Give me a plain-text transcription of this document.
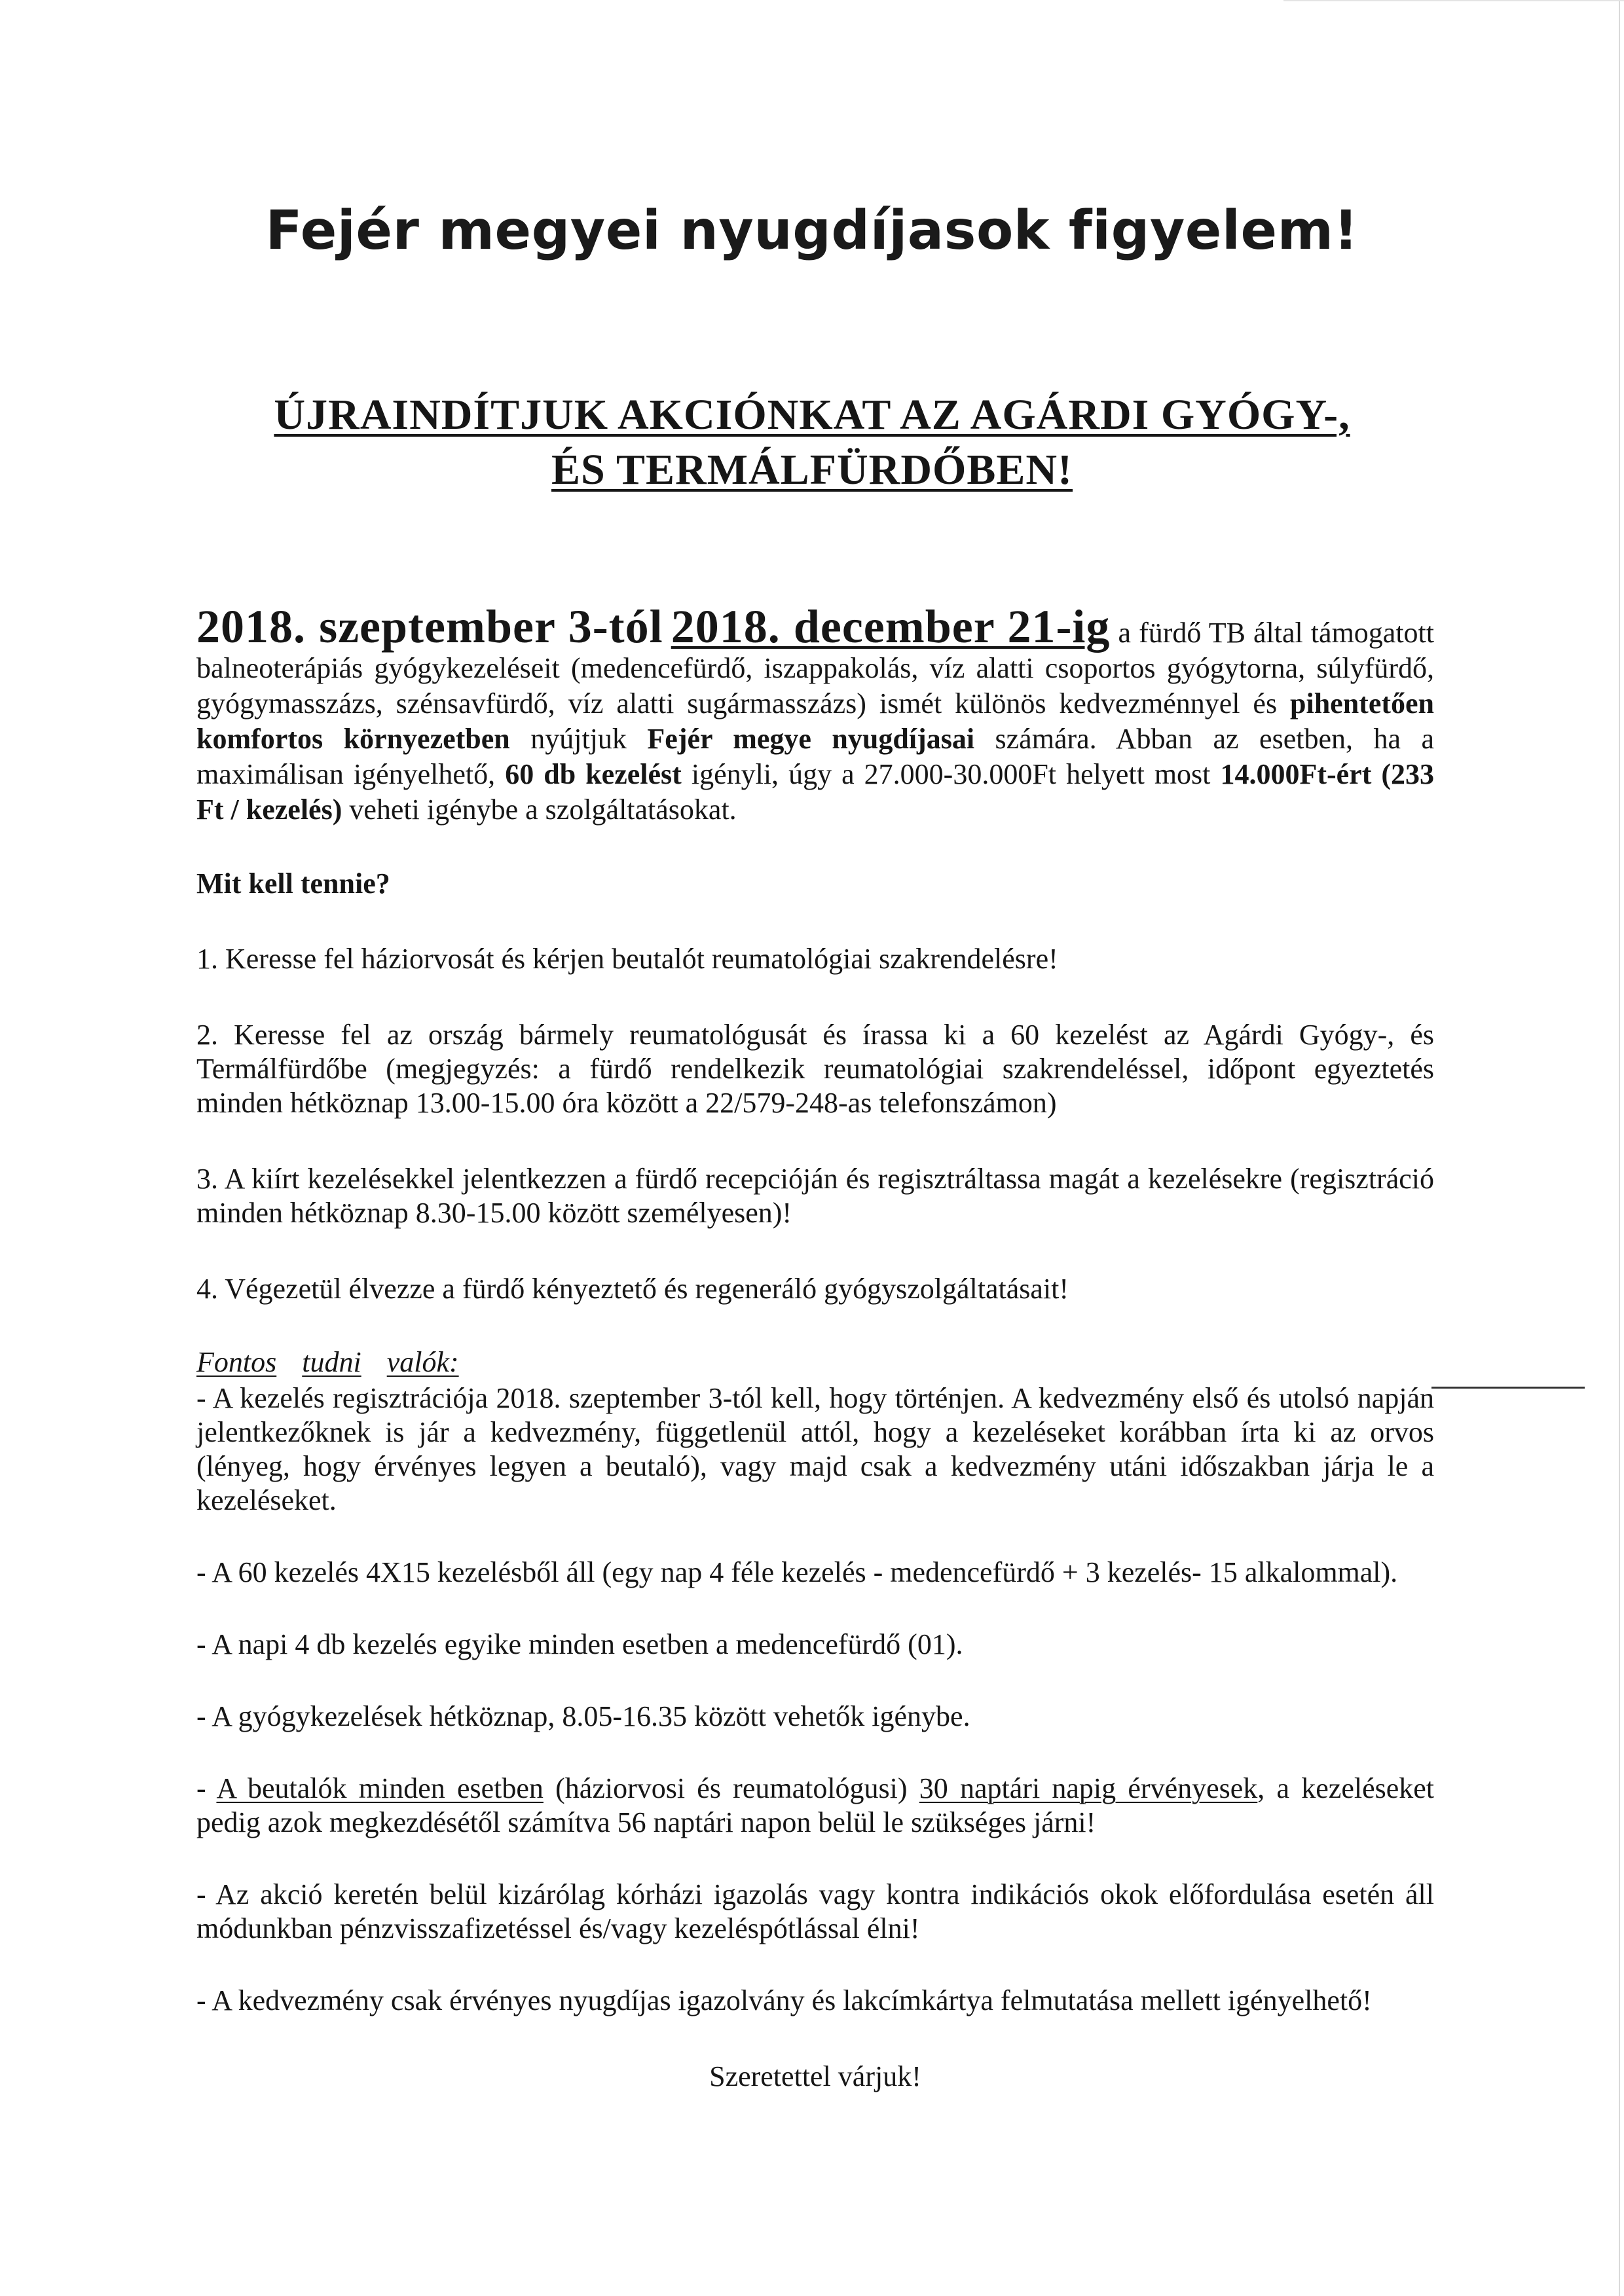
Fejér megyei nyugdíjasok figyelem!
ÚJRAINDÍTJUK AKCIÓNKAT AZ AGÁRDI GYÓGY-,
ÉS TERMÁLFÜRDŐBEN!

2018. szeptember 3-tól 2018. december 21-ig a fürdő TB által támogatott balneoterápiás gyógykezeléseit (medencefürdő, iszappakolás, víz alatti csoportos gyógytorna, súlyfürdő, gyógymasszázs, szénsavfürdő, víz alatti sugármasszázs) ismét különös kedvezménnyel és pihentetően komfortos környezetben nyújtjuk Fejér megye nyugdíjasai számára. Abban az esetben, ha a maximálisan igényelhető, 60 db kezelést igényli, úgy a 27.000-30.000Ft helyett most 14.000Ft-ért (233 Ft / kezelés) veheti igénybe a szolgáltatásokat.

Mit kell tennie?

1. Keresse fel háziorvosát és kérjen beutalót reumatológiai szakrendelésre!

2. Keresse fel az ország bármely reumatológusát és írassa ki a 60 kezelést az Agárdi Gyógy-, és Termálfürdőbe (megjegyzés: a fürdő rendelkezik reumatológiai szakrendeléssel, időpont egyeztetés minden hétköznap 13.00-15.00 óra között a 22/579-248-as telefonszámon)

3. A kiírt kezelésekkel jelentkezzen a fürdő recepcióján és regisztráltassa magát a kezelésekre (regisztráció minden hétköznap 8.30-15.00 között személyesen)!

4. Végezetül élvezze a fürdő kényeztető és regeneráló gyógyszolgáltatásait!

Fontos tudni valók:

- A kezelés regisztrációja 2018. szeptember 3-tól kell, hogy történjen. A kedvezmény első és utolsó napján jelentkezőknek is jár a kedvezmény, függetlenül attól, hogy a kezeléseket korábban írta ki az orvos (lényeg, hogy érvényes legyen a beutaló), vagy majd csak a kedvezmény utáni időszakban járja le a kezeléseket.

- A 60 kezelés 4X15 kezelésből áll (egy nap 4 féle kezelés - medencefürdő + 3 kezelés- 15 alkalommal).

- A napi 4 db kezelés egyike minden esetben a medencefürdő (01).

- A gyógykezelések hétköznap, 8.05-16.35 között vehetők igénybe.

- A beutalók minden esetben (háziorvosi és reumatológusi) 30 naptári napig érvényesek, a kezeléseket pedig azok megkezdésétől számítva 56 naptári napon belül le szükséges járni!

- Az akció keretén belül kizárólag kórházi igazolás vagy kontra indikációs okok előfordulása esetén áll módunkban pénzvisszafizetéssel és/vagy kezeléspótlással élni!

- A kedvezmény csak érvényes nyugdíjas igazolvány és lakcímkártya felmutatása mellett igényelhető!

Szeretettel várjuk!
